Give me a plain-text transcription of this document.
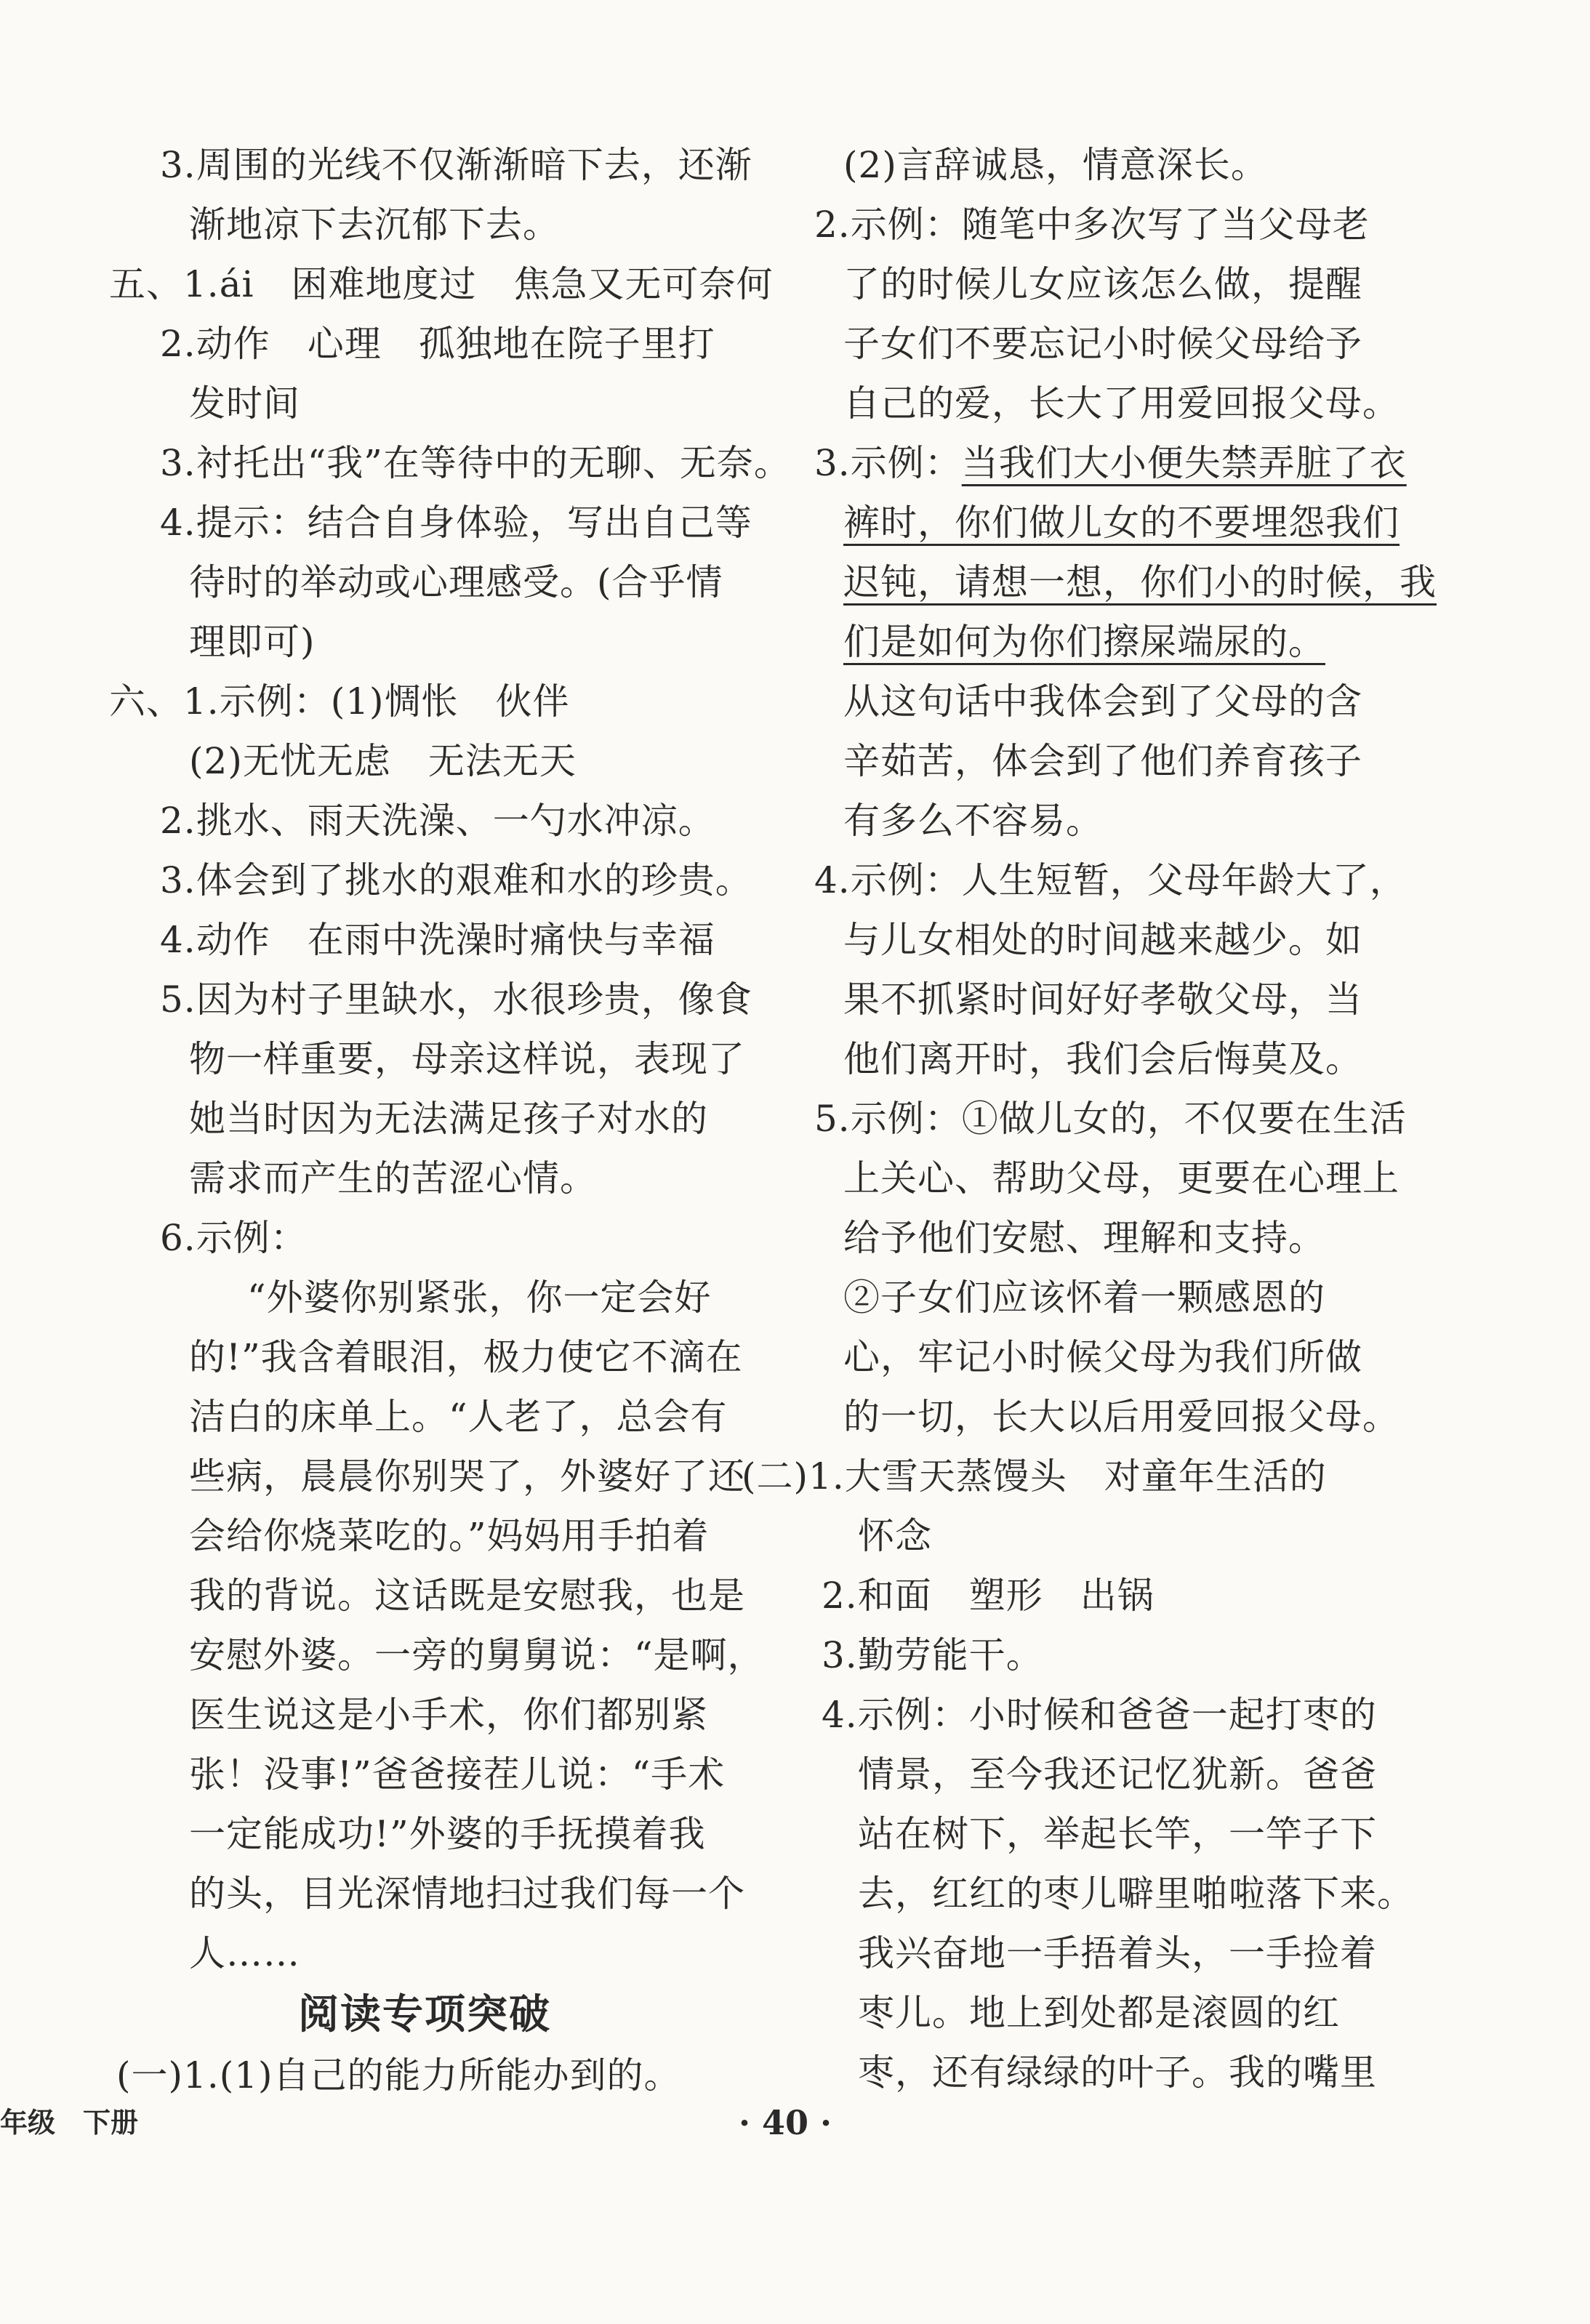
3.周围的光线不仅渐渐暗下去，还渐
渐地凉下去沉郁下去。
五、1.ái　困难地度过　焦急又无可奈何
2.动作　心理　孤独地在院子里打
发时间
3.衬托出“我”在等待中的无聊、无奈。
4.提示：结合自身体验，写出自己等
待时的举动或心理感受。(合乎情
理即可)
六、1.示例：(1)惆怅　伙伴
(2)无忧无虑　无法无天
2.挑水、雨天洗澡、一勺水冲凉。
3.体会到了挑水的艰难和水的珍贵。
4.动作　在雨中洗澡时痛快与幸福
5.因为村子里缺水，水很珍贵，像食
物一样重要，母亲这样说，表现了
她当时因为无法满足孩子对水的
需求而产生的苦涩心情。
6.示例：
“外婆你别紧张，你一定会好
的!”我含着眼泪，极力使它不滴在
洁白的床单上。“人老了，总会有
些病，晨晨你别哭了，外婆好了还
会给你烧菜吃的。”妈妈用手拍着
我的背说。这话既是安慰我，也是
安慰外婆。一旁的舅舅说：“是啊，
医生说这是小手术，你们都别紧
张！没事!”爸爸接茬儿说：“手术
一定能成功!”外婆的手抚摸着我
的头，目光深情地扫过我们每一个
人……
阅读专项突破
(一)1.(1)自己的能力所能办到的。
(2)言辞诚恳，情意深长。
2.示例：随笔中多次写了当父母老
了的时候儿女应该怎么做，提醒
子女们不要忘记小时候父母给予
自己的爱，长大了用爱回报父母。
3.示例：当我们大小便失禁弄脏了衣
裤时，你们做儿女的不要埋怨我们
迟钝，请想一想，你们小的时候，我
们是如何为你们擦屎端尿的。
从这句话中我体会到了父母的含
辛茹苦，体会到了他们养育孩子
有多么不容易。
4.示例：人生短暂，父母年龄大了，
与儿女相处的时间越来越少。如
果不抓紧时间好好孝敬父母，当
他们离开时，我们会后悔莫及。
5.示例：①做儿女的，不仅要在生活
上关心、帮助父母，更要在心理上
给予他们安慰、理解和支持。
②子女们应该怀着一颗感恩的
心，牢记小时候父母为我们所做
的一切，长大以后用爱回报父母。
(二)1.大雪天蒸馒头　对童年生活的
怀念
2.和面　塑形　出锅
3.勤劳能干。
4.示例：小时候和爸爸一起打枣的
情景，至今我还记忆犹新。爸爸
站在树下，举起长竿，一竿子下
去，红红的枣儿噼里啪啦落下来。
我兴奋地一手捂着头，一手捡着
枣儿。地上到处都是滚圆的红
枣，还有绿绿的叶子。我的嘴里
年级　下册	· 40 ·
